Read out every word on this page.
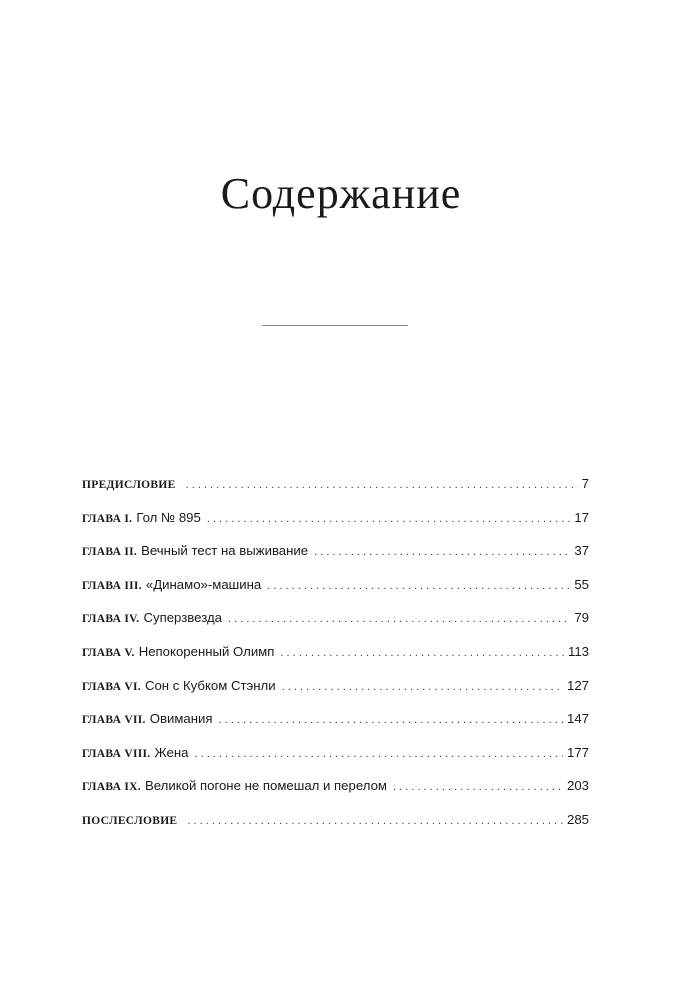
Содержание
ПРЕДИСЛОВИЕ . . .	7
ГЛАВА I. Гол № 895 . . .	17
ГЛАВА II. Вечный тест на выживание . . .	37
ГЛАВА III. «Динамо»-машина . . .	55
ГЛАВА IV. Суперзвезда . . .	79
ГЛАВА V. Непокоренный Олимп . . .	113
ГЛАВА VI. Сон с Кубком Стэнли . . .	127
ГЛАВА VII. Овимания . . .	147
ГЛАВА VIII. Жена . . .	177
ГЛАВА IX. Великой погоне не помешал и перелом . . .	203
ПОСЛЕСЛОВИЕ . . .	285
